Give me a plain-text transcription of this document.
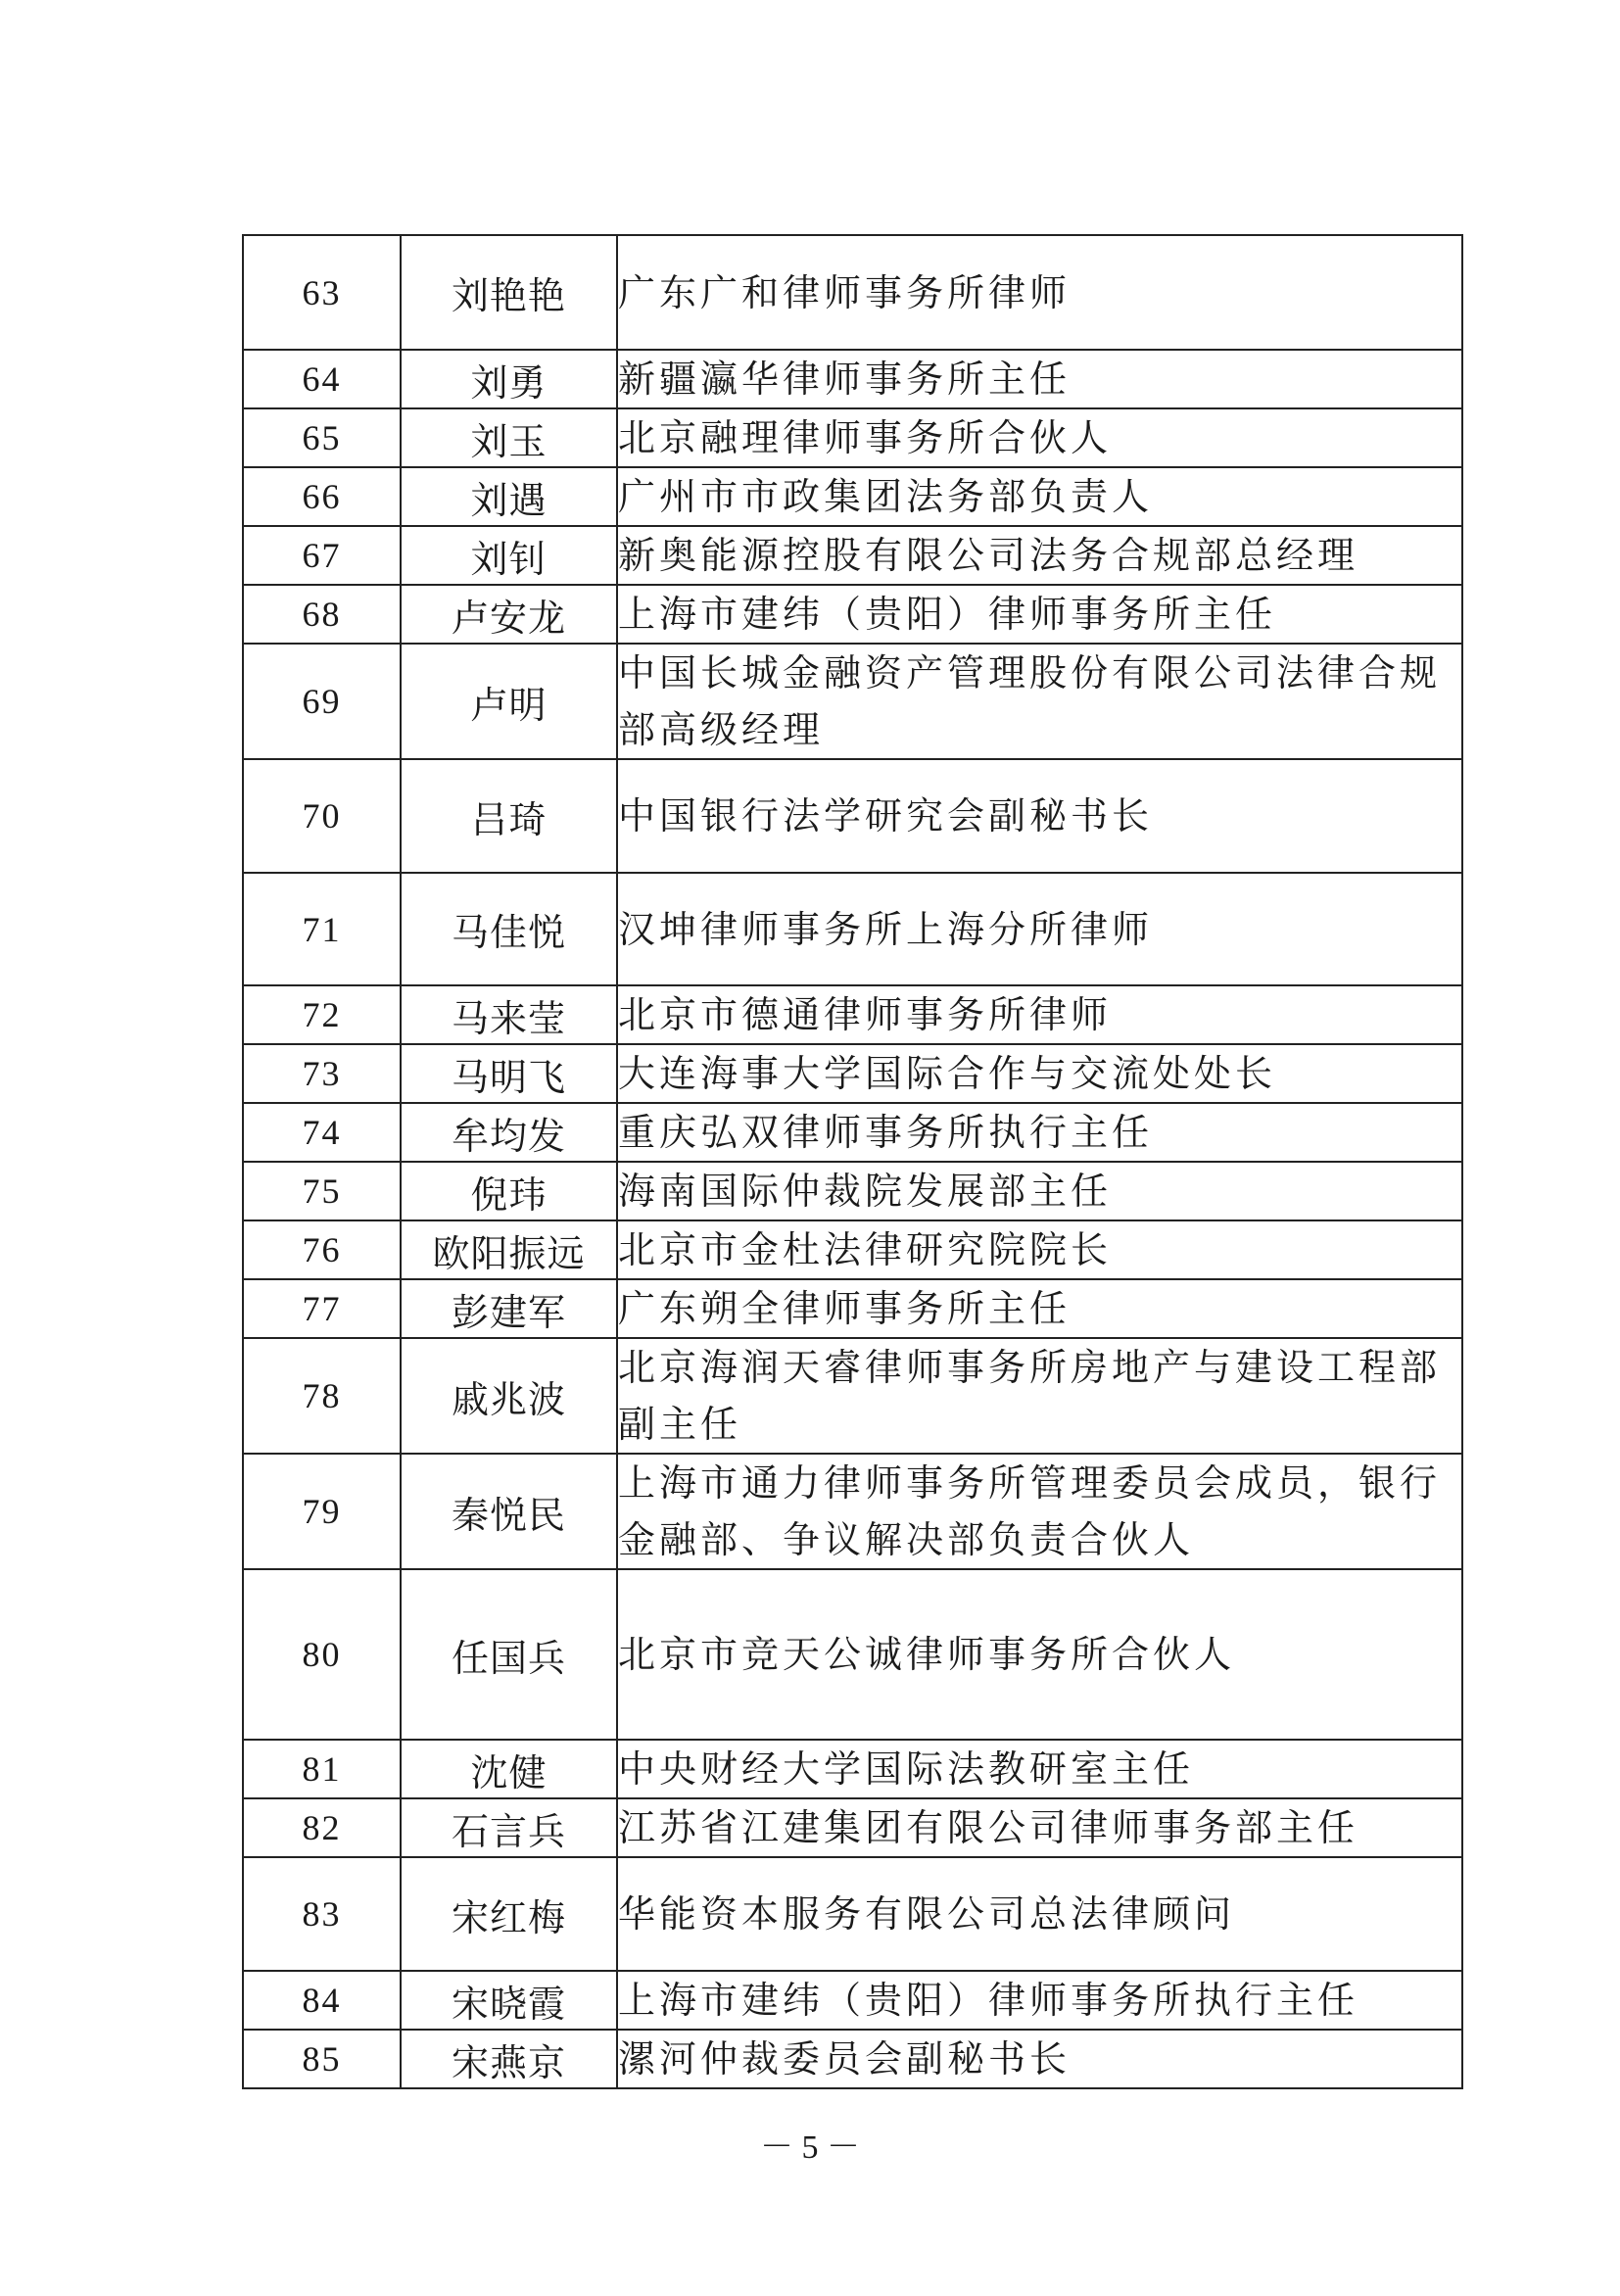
63	刘艳艳	广东广和律师事务所律师
64	刘勇	新疆瀛华律师事务所主任
65	刘玉	北京融理律师事务所合伙人
66	刘遇	广州市市政集团法务部负责人
67	刘钊	新奥能源控股有限公司法务合规部总经理
68	卢安龙	上海市建纬（贵阳）律师事务所主任
69	卢明	中国长城金融资产管理股份有限公司法律合规部高级经理
70	吕琦	中国银行法学研究会副秘书长
71	马佳悦	汉坤律师事务所上海分所律师
72	马来莹	北京市德通律师事务所律师
73	马明飞	大连海事大学国际合作与交流处处长
74	牟均发	重庆弘双律师事务所执行主任
75	倪玮	海南国际仲裁院发展部主任
76	欧阳振远	北京市金杜法律研究院院长
77	彭建军	广东朔全律师事务所主任
78	戚兆波	北京海润天睿律师事务所房地产与建设工程部副主任
79	秦悦民	上海市通力律师事务所管理委员会成员，银行金融部、争议解决部负责合伙人
80	任国兵	北京市竞天公诚律师事务所合伙人
81	沈健	中央财经大学国际法教研室主任
82	石言兵	江苏省江建集团有限公司律师事务部主任
83	宋红梅	华能资本服务有限公司总法律顾问
84	宋晓霞	上海市建纬（贵阳）律师事务所执行主任
85	宋燕京	漯河仲裁委员会副秘书长
－ 5 －
